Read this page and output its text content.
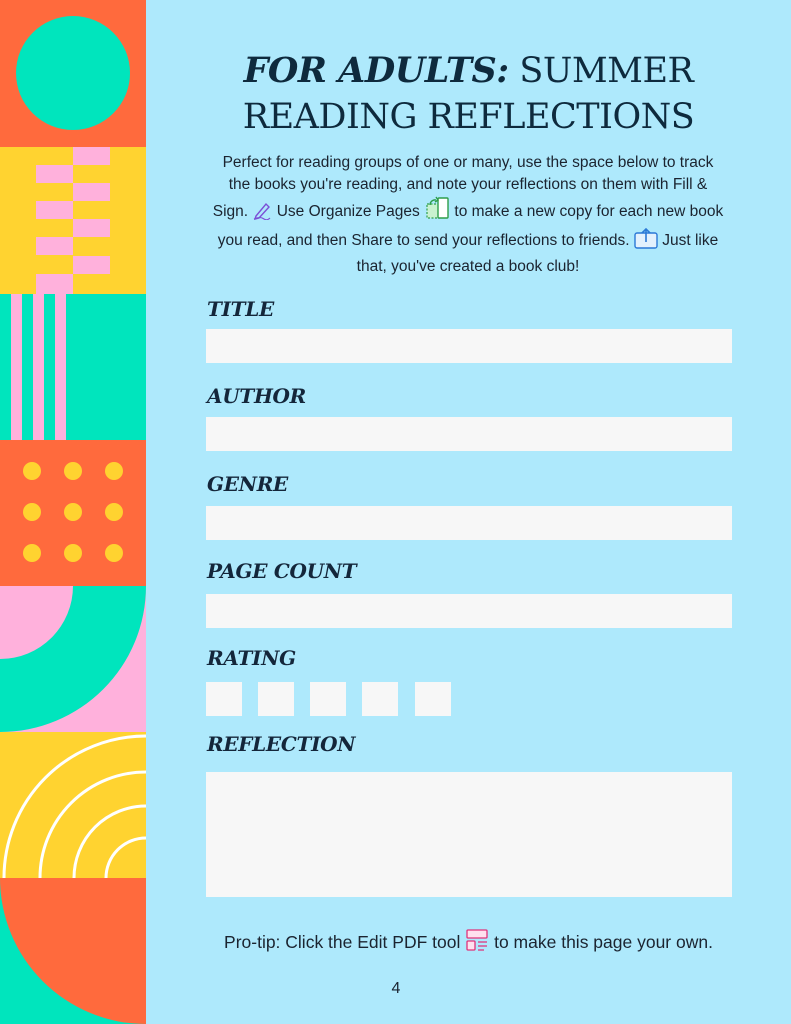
FOR ADULTS: SUMMER
READING REFLECTIONS

Perfect for reading groups of one or many, use the space below to track the books you're reading, and note your reflections on them with Fill & Sign. Use Organize Pages to make a new copy for each new book you read, and then Share to send your reflections to friends. Just like that, you've created a book club!

TITLE
AUTHOR
GENRE
PAGE COUNT
RATING
REFLECTION

Pro-tip: Click the Edit PDF tool to make this page your own.

4
